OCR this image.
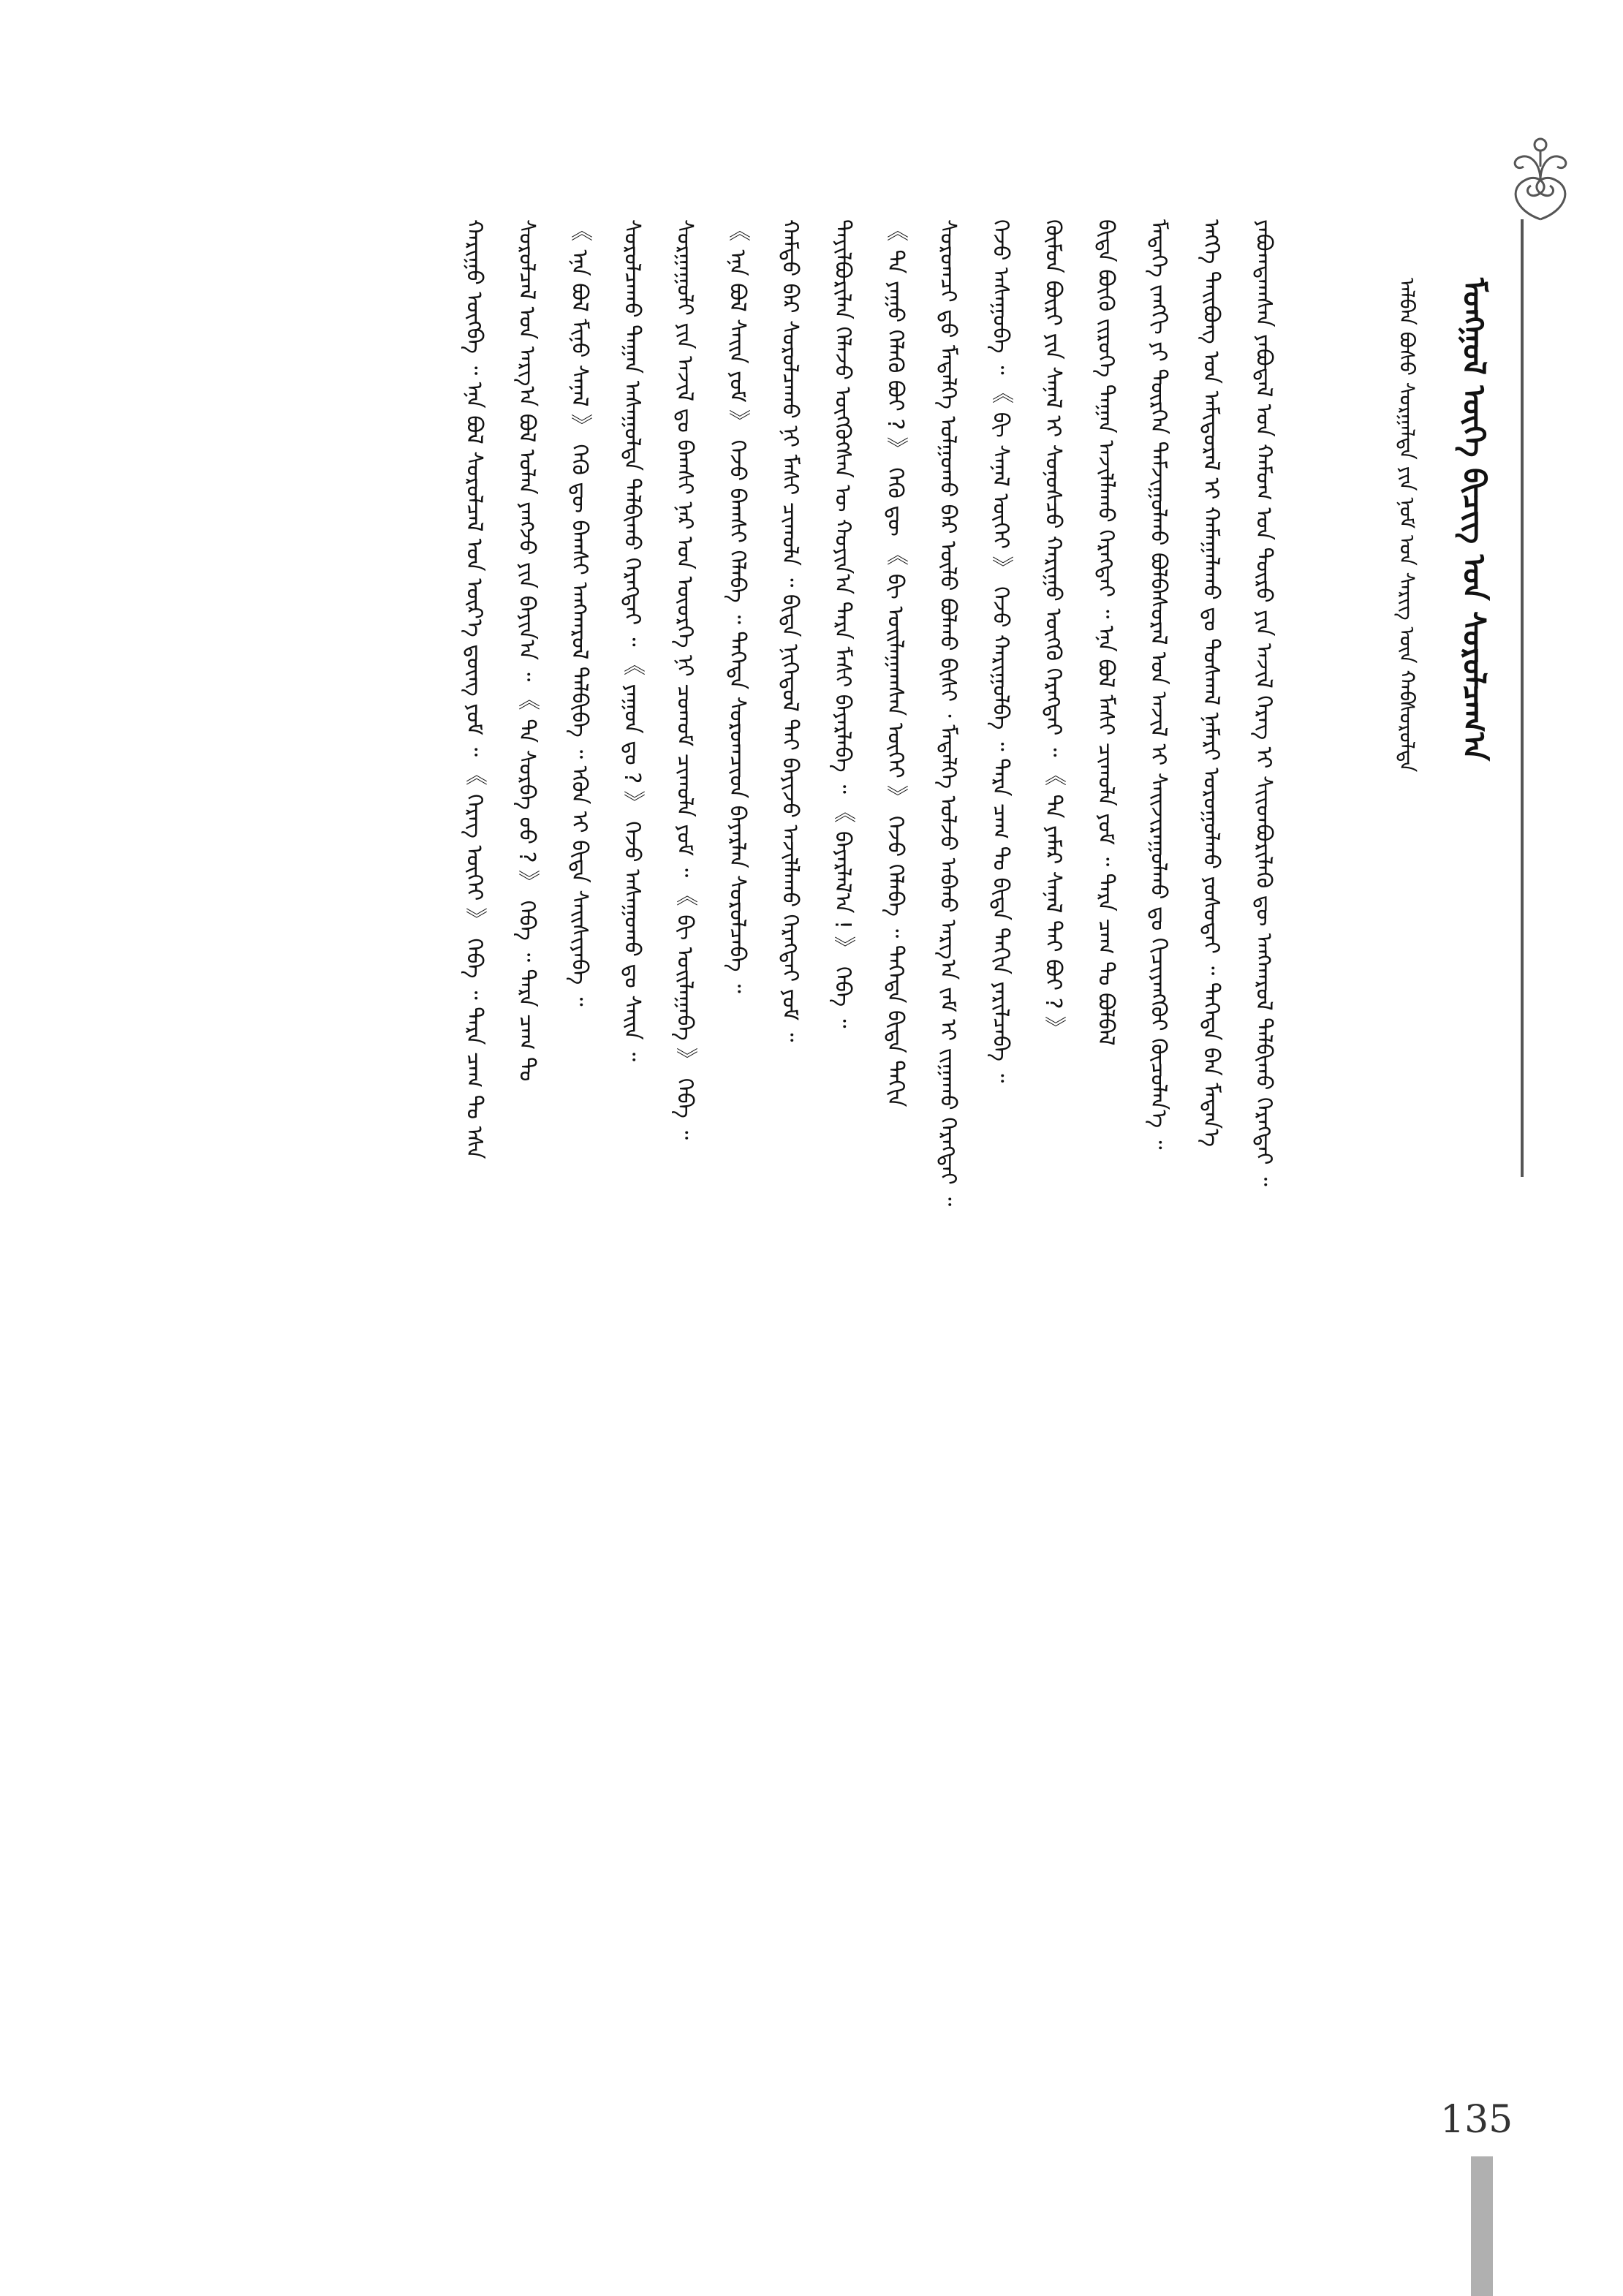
ᠮᠣᠩᠭᠣᠯ ᠦᠭᠡ ᠪᠢᠴᠢᠭ ᠤᠨ ᠰᠤᠷᠤᠯᠴᠠᠭ᠎ᠠ
ᠠᠯᠪᠠᠨ ᠪᠤᠰᠤ ᠰᠤᠷᠭᠠᠯᠲᠠ ᠶᠢᠨ ᠨᠣᠮ ᠤᠨ ᠰᠡᠷᠢᠭ᠌ ᠦᠨ ᠬᠠᠪᠰᠤᠷᠤᠯᠲᠠ
ᠶᠠᠪᠤᠭᠳᠠᠭᠰᠠᠨ ᠶᠠᠪᠤᠳᠠᠯ ᠤᠨ ᠬᠠᠮᠤᠭ ᠤᠨ ᠲᠦᠷᠦ ᠶᠢᠨ ᠠᠵᠢᠯ ᠬᠡᠷᠡᠭ ᠢ ᠰᠢᠢᠳᠪᠦᠷᠢᠯᠡᠬᠦ ᠳᠦ ᠠᠩᠬᠠᠷᠤᠯ ᠲᠠᠯᠪᠢᠬᠤ ᠬᠡᠷᠡᠭᠲᠡᠢ ᠃
ᠡᠩᠬᠡ ᠲᠠᠢᠪᠤᠩ ᠤᠨ ᠠᠮᠢᠳᠤᠷᠠᠯ ᠢ ᠬᠠᠮᠠᠭᠠᠯᠠᠬᠤ ᠳᠤ ᠳᠤᠰᠬᠠᠯ ᠨᠡᠮᠡᠷᠢ ᠤᠷᠤᠭᠤᠯᠬᠤ ᠶᠣᠰᠤᠲᠠᠢ ᠃ ᠲᠡᠭᠡᠳᠡ ᠪᠡᠨ ᠮᠡᠳᠡᠨ᠎ᠡ
ᠮᠡᠳᠡᠭᠡ ᠵᠠᠩᠭᠢ ᠶᠢ ᠲᠦᠷᠭᠡᠨ ᠳᠠᠮᠵᠢᠭᠤᠯᠬᠤ ᠪᠣᠯᠪᠠᠰᠤᠷᠠᠯ ᠤᠨ ᠠᠵᠢᠯ ᠢ ᠰᠠᠢᠵᠢᠷᠠᠭᠤᠯᠬᠤ ᠳᠤ ᠬᠢᠴᠢᠶᠡᠩᠭᠦᠢ ᠬᠦᠴᠦᠯᠡᠨ᠎ᠡ ᠃
ᠪᠢᠳᠡ ᠪᠦᠬᠦ ᠵᠢᠷᠦᠭᠡ ᠳᠠᠭᠠᠨ ᠠᠵᠢᠯᠯᠠᠬᠤ ᠬᠡᠷᠡᠭᠲᠡᠢ ᠃ ᠡᠨᠡ ᠪᠣᠯ ᠮᠠᠰᠢ ᠴᠢᠬᠤᠯᠠ ᠶᠤᠮ ᠃ ᠲᠡᠷᠡ ᠴᠠᠭ ᠲᠤ ᠪᠣᠯᠪᠠᠯ
ᠬᠦᠮᠦᠨ ᠪᠦᠷᠢ ᠶᠢᠨ ᠰᠠᠨᠠᠯ ᠢ ᠰᠣᠨᠣᠰᠴᠤ ᠬᠠᠷᠢᠭᠤ ᠦᠭᠬᠦ ᠬᠡᠷᠡᠭᠲᠡᠢ ᠃ 《 ᠲᠠ ᠶᠠᠮᠠᠷ ᠰᠠᠨᠠᠯ ᠲᠠᠢ ᠪᠤᠢ ? 》
ᠭᠡᠵᠦ ᠠᠰᠠᠭᠤᠪᠠ ᠃ 《 ᠪᠢ ᠰᠠᠨᠠᠯ ᠦᠭᠡᠢ 》 ᠭᠡᠵᠦ ᠬᠠᠷᠢᠭᠤᠯᠪᠠ ᠃ ᠲᠡᠷᠡ ᠴᠠᠭ ᠲᠤ ᠪᠢᠳᠡ ᠳᠠᠬᠢᠨ ᠶᠠᠷᠢᠯᠴᠠᠪᠠ ᠃
ᠰᠤᠷᠤᠭᠴᠢ ᠳ᠋ᠤ ᠮᠡᠳᠡᠯᠭᠡ ᠣᠯᠭᠣᠬᠤ ᠪᠠᠷ ᠦᠯᠦ ᠪᠣᠯᠬᠤ ᠪᠢᠰᠢ ᠂ ᠮᠡᠳᠡᠯᠭᠡ ᠣᠯᠵᠤ ᠠᠪᠬᠤ ᠠᠷᠭ᠎ᠠ ᠵᠠᠮ ᠢ ᠵᠢᠭᠠᠬᠤ ᠬᠡᠷᠡᠭᠲᠡᠢ ᠃
《 ᠲᠠ ᠶᠠᠭᠤ ᠬᠡᠯᠡᠬᠦ ᠪᠤᠢ ? 》 ᠭᠡᠬᠦ ᠳᠦ 《 ᠪᠢ ᠣᠢᠯᠠᠭᠠᠭᠰᠠᠨ ᠦᠭᠡᠢ 》 ᠭᠡᠵᠦ ᠬᠡᠯᠡᠪᠡ ᠃ ᠲᠡᠭᠡᠳᠡ ᠪᠢᠳᠡ ᠳᠠᠬᠢᠨ
ᠲᠠᠶᠢᠯᠪᠤᠷᠢᠯᠠᠨ ᠬᠡᠯᠡᠵᠦ ᠦᠭᠭᠦᠭᠰᠡᠨ ᠦ ᠬᠣᠶᠢᠨ᠎ᠠ ᠲᠡᠷᠡ ᠮᠠᠰᠢ ᠪᠠᠶᠠᠷᠯᠠᠪᠠ ᠃ 《 ᠪᠠᠶᠠᠷᠯᠠᠯ᠎ᠠ ! 》 ᠭᠡᠪᠡ ᠃
ᠬᠠᠮᠲᠤ ᠪᠡᠷ ᠰᠤᠷᠤᠯᠴᠠᠬᠤ ᠨᠢ ᠮᠠᠰᠢ ᠴᠢᠬᠤᠯᠠ ᠃ ᠪᠢᠳᠡ ᠨᠢᠭᠡᠳᠦᠯ ᠲᠡᠢ ᠪᠠᠶᠢᠵᠤ ᠠᠵᠢᠯᠯᠠᠬᠤ ᠬᠡᠷᠡᠭᠲᠡᠢ ᠶᠤᠮ ᠃
《 ᠡᠨᠡ ᠪᠣᠯ ᠰᠠᠢᠨ ᠶᠤᠮ 》 ᠭᠡᠵᠦ ᠪᠠᠭᠰᠢ ᠬᠡᠯᠡᠪᠡ ᠃ ᠲᠡᠭᠡᠳᠡ ᠰᠤᠷᠤᠭᠴᠢᠳ ᠪᠠᠶᠠᠷᠯᠠᠨ ᠰᠤᠷᠤᠯᠴᠠᠪᠠ ᠃
ᠰᠤᠷᠭᠠᠭᠤᠯᠢ ᠶᠢᠨ ᠠᠵᠢᠯ ᠳᠤ ᠪᠠᠭᠰᠢ ᠨᠠᠷ ᠤᠨ ᠦᠦᠷᠭᠡ ᠨᠢ ᠴᠤᠬᠤᠮ ᠴᠢᠬᠤᠯᠠ ᠶᠤᠮ ᠃ 《 ᠪᠢ ᠣᠢᠯᠠᠭᠠᠪᠠ 》 ᠭᠡᠪᠡ ᠃
ᠰᠤᠷᠤᠯᠴᠠᠬᠤ ᠳᠠᠭᠠᠨ ᠠᠰᠠᠭᠤᠯᠲᠠ ᠲᠠᠯᠪᠢᠬᠤ ᠬᠡᠷᠡᠭᠲᠡᠢ ᠃ 《 ᠶᠠᠭᠤᠨ ᠳᠤ ? 》 ᠭᠡᠵᠦ ᠠᠰᠠᠭᠤᠬᠤ ᠳᠤ ᠰᠠᠢᠨ ᠃
《 ᠡᠨᠡ ᠪᠣᠯ ᠮᠢᠨᠤ ᠰᠠᠨᠠᠯ 》 ᠭᠡᠬᠦ ᠳᠦ ᠪᠠᠭᠰᠢ ᠠᠩᠬᠠᠷᠤᠯ ᠲᠠᠯᠪᠢᠪᠠ ᠃ ᠡᠭᠦᠨ ᠢ ᠪᠢᠳᠡ ᠰᠠᠢᠰᠢᠶᠠᠪᠠ ᠃
ᠰᠤᠷᠤᠯᠴᠠᠯ ᠤᠨ ᠠᠷᠭ᠎ᠠ ᠪᠣᠯ ᠣᠯᠠᠨ ᠶᠠᠩᠵᠤ ᠶᠢᠨ ᠪᠠᠶᠢᠨ᠎ᠠ ᠃ 《 ᠲᠠ ᠰᠤᠷᠪᠠ ᠤᠤ ? 》 ᠭᠡᠪᠡ ᠃ ᠲᠡᠷᠡ ᠴᠠᠭ ᠲᠤ
ᠬᠠᠷᠢᠭᠤ ᠦᠭᠪᠡ ᠃ ᠡᠨᠡ ᠪᠣᠯ ᠰᠤᠷᠤᠯᠴᠠᠯ ᠤᠨ ᠦᠷ᠎ᠡ ᠳ᠋ᠦᠩ ᠶᠤᠮ ᠃ 《 ᠬᠡᠷᠡᠭ ᠦᠭᠡᠢ 》 ᠭᠡᠪᠡ ᠃ ᠲᠡᠷᠡ ᠴᠠᠭ ᠲᠤ ᠡᠰᠡ
135
